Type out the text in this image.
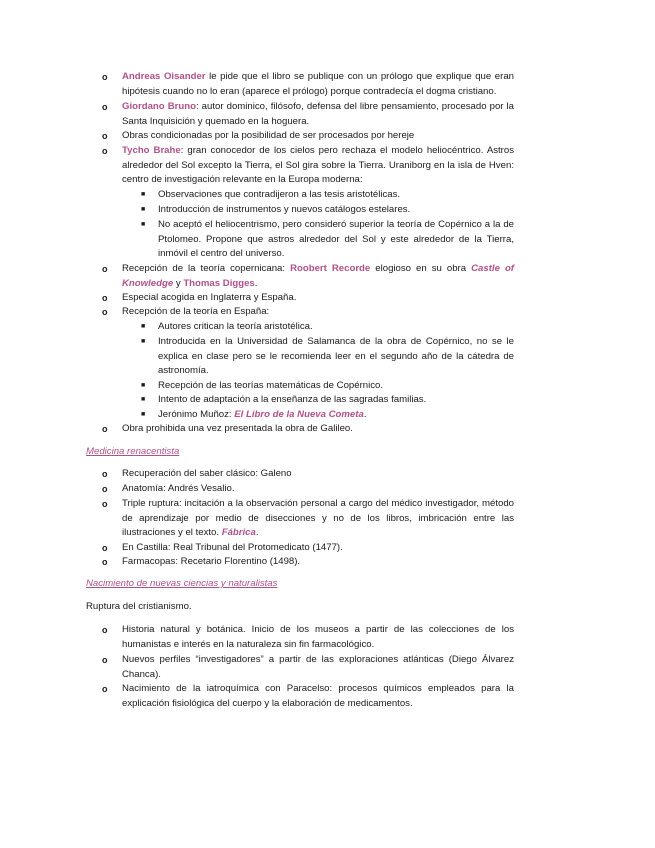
o Andreas Oisander le pide que el libro se publique con un prólogo que explique que eran hipótesis cuando no lo eran (aparece el prólogo) porque contradecía el dogma cristiano.
o Giordano Bruno: autor dominico, filósofo, defensa del libre pensamiento, procesado por la Santa Inquisición y quemado en la hoguera.
o Obras condicionadas por la posibilidad de ser procesados por hereje
o Tycho Brahe: gran conocedor de los cielos pero rechaza el modelo heliocéntrico. Astros alrededor del Sol excepto la Tierra, el Sol gira sobre la Tierra. Uraniborg en la isla de Hven: centro de investigación relevante en la Europa moderna:
■ Observaciones que contradijeron a las tesis aristotélicas.
■ Introducción de instrumentos y nuevos catálogos estelares.
■ No aceptó el heliocentrismo, pero consideró superior la teoría de Copérnico a la de Ptolomeo. Propone que astros alrededor del Sol y este alrededor de la Tierra, inmóvil el centro del universo.
o Recepción de la teoría copernicana: Roobert Recorde elogioso en su obra Castle of Knowledge y Thomas Digges.
o Especial acogida en Inglaterra y España.
o Recepción de la teoría en España:
■ Autores critican la teoría aristotélica.
■ Introducida en la Universidad de Salamanca de la obra de Copérnico, no se le explica en clase pero se le recomienda leer en el segundo año de la cátedra de astronomía.
■ Recepción de las teorías matemáticas de Copérnico.
■ Intento de adaptación a la enseñanza de las sagradas familias.
■ Jerónimo Muñoz: El Libro de la Nueva Cometa.
o Obra prohibida una vez presentada la obra de Galileo.
Medicina renacentista
o Recuperación del saber clásico: Galeno
o Anatomía: Andrés Vesalio.
o Triple ruptura: incitación a la observación personal a cargo del médico investigador, método de aprendizaje por medio de disecciones y no de los libros, imbricación entre las ilustraciones y el texto. Fábrica.
o En Castilla: Real Tribunal del Protomedicato (1477).
o Farmacopas: Recetario Florentino (1498).
Nacimiento de nuevas ciencias y naturalistas
Ruptura del cristianismo.
o Historia natural y botánica. Inicio de los museos a partir de las colecciones de los humanistas e interés en la naturaleza sin fin farmacológico.
o Nuevos perfiles “investigadores” a partir de las exploraciones atlánticas (Diego Álvarez Chanca).
o Nacimiento de la iatroquímica con Paracelso: procesos químicos empleados para la explicación fisiológica del cuerpo y la elaboración de medicamentos.
